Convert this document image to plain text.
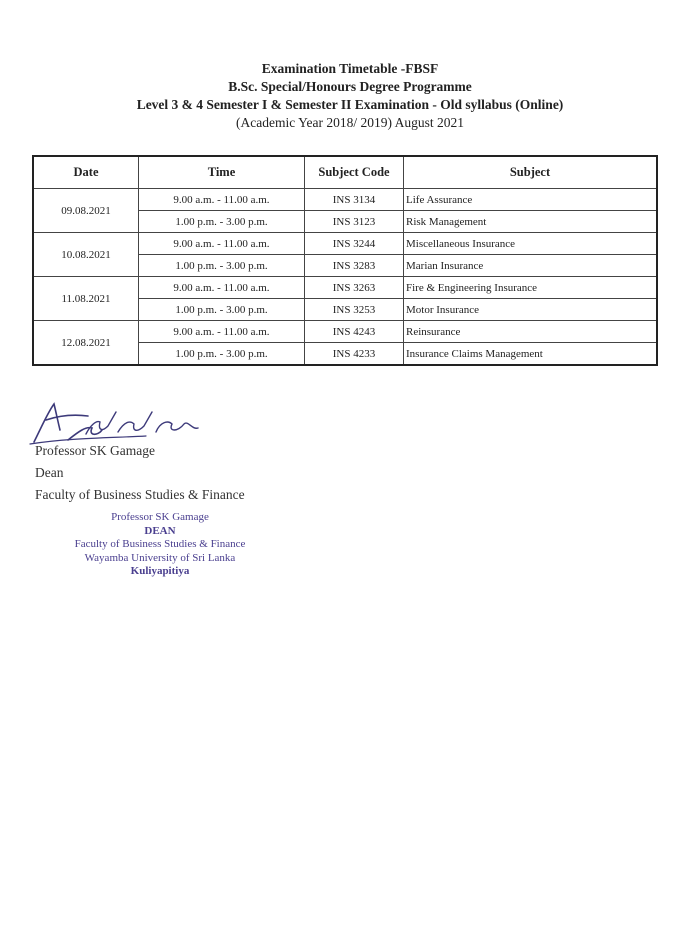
Examination Timetable -FBSF
B.Sc. Special/Honours Degree Programme
Level 3 & 4 Semester I & Semester II Examination - Old syllabus (Online)
(Academic Year 2018/ 2019) August 2021
Date	Time	Subject Code	Subject
09.08.2021	9.00 a.m. - 11.00 a.m.	INS 3134	Life Assurance
	1.00 p.m. - 3.00 p.m.	INS 3123	Risk Management
10.08.2021	9.00 a.m. - 11.00 a.m.	INS 3244	Miscellaneous Insurance
	1.00 p.m. - 3.00 p.m.	INS 3283	Marian Insurance
11.08.2021	9.00 a.m. - 11.00 a.m.	INS 3263	Fire & Engineering Insurance
	1.00 p.m. - 3.00 p.m.	INS 3253	Motor Insurance
12.08.2021	9.00 a.m. - 11.00 a.m.	INS 4243	Reinsurance
	1.00 p.m. - 3.00 p.m.	INS 4233	Insurance Claims Management
Professor SK Gamage
Dean
Faculty of Business Studies & Finance
Professor SK Gamage
DEAN
Faculty of Business Studies & Finance
Wayamba University of Sri Lanka
Kuliyapitiya
